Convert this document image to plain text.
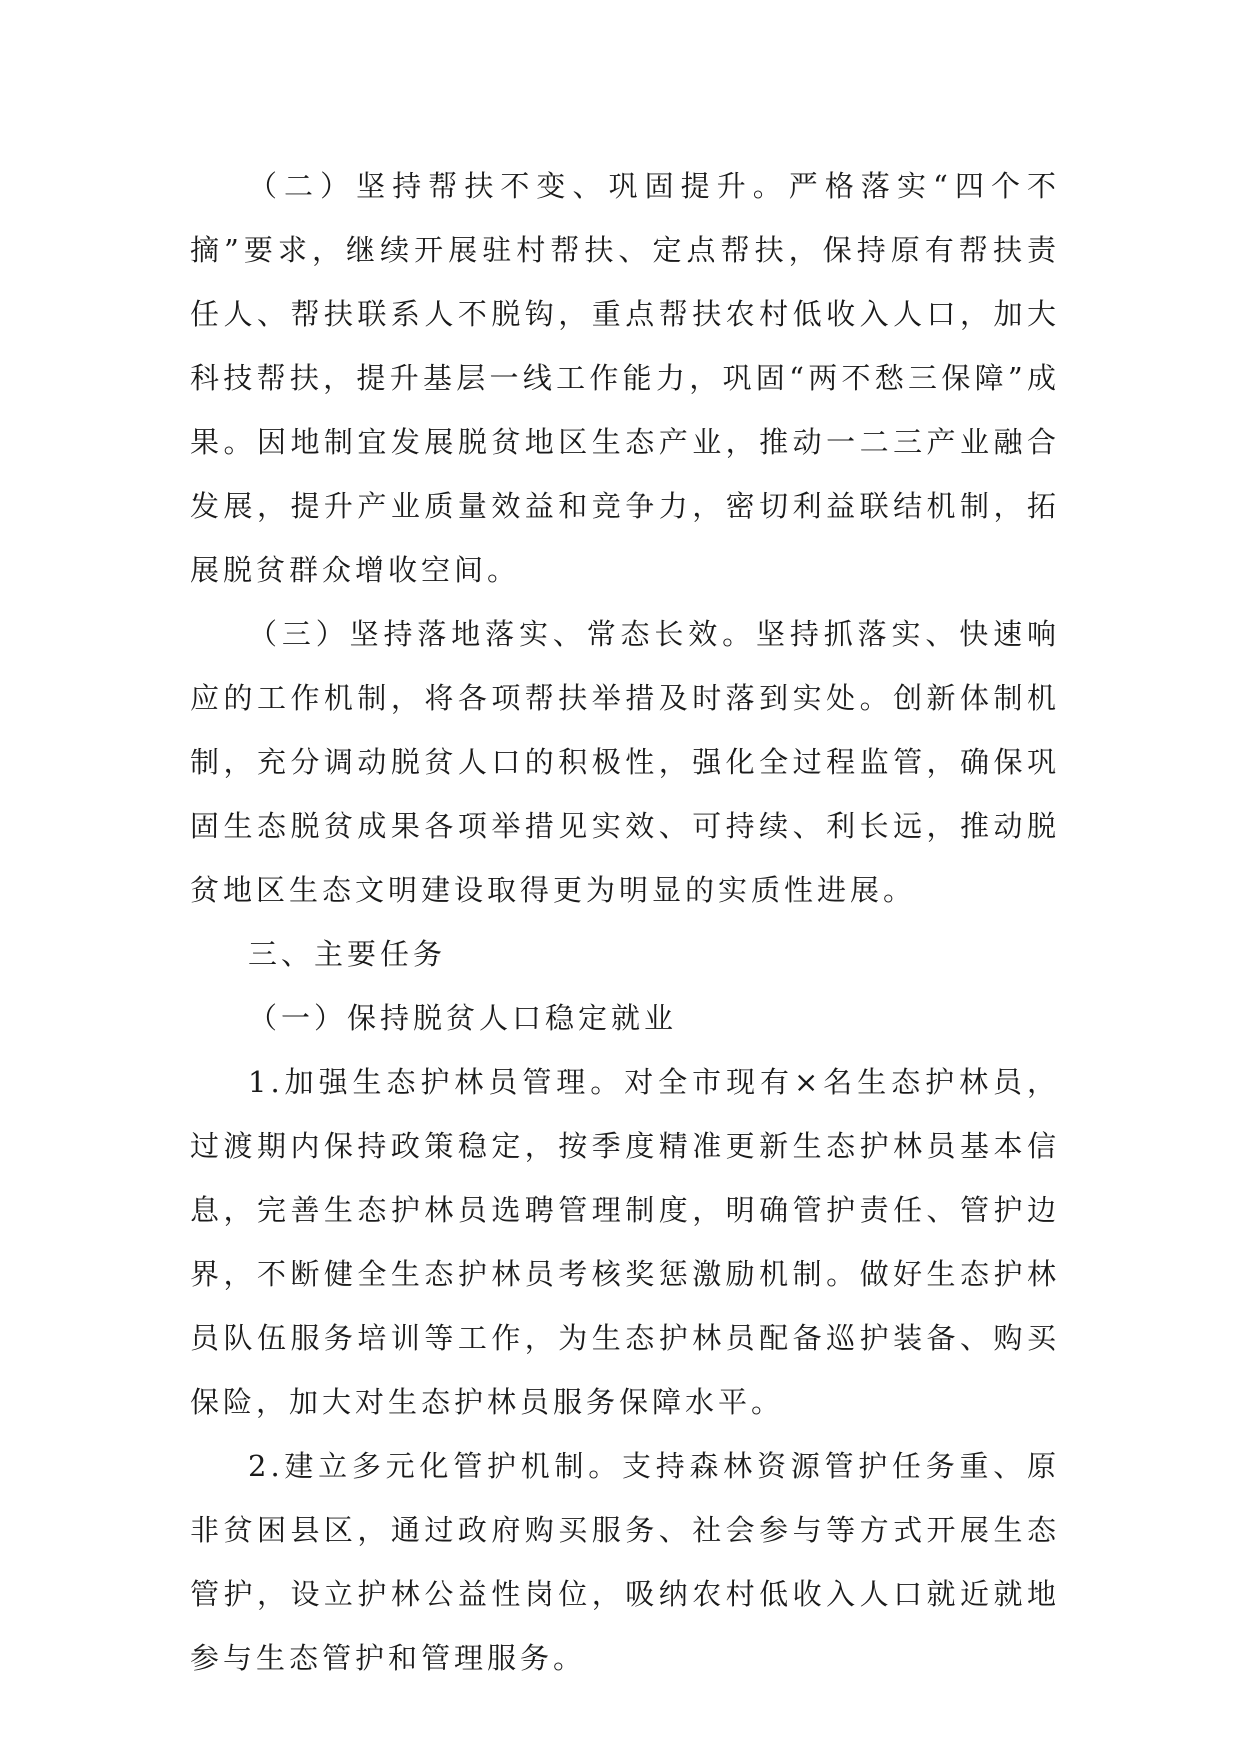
（二）坚持帮扶不变、巩固提升。严格落实“四个不摘”要求，继续开展驻村帮扶、定点帮扶，保持原有帮扶责任人、帮扶联系人不脱钩，重点帮扶农村低收入人口，加大科技帮扶，提升基层一线工作能力，巩固“两不愁三保障”成果。因地制宜发展脱贫地区生态产业，推动一二三产业融合发展，提升产业质量效益和竞争力，密切利益联结机制，拓展脱贫群众增收空间。

（三）坚持落地落实、常态长效。坚持抓落实、快速响应的工作机制，将各项帮扶举措及时落到实处。创新体制机制，充分调动脱贫人口的积极性，强化全过程监管，确保巩固生态脱贫成果各项举措见实效、可持续、利长远，推动脱贫地区生态文明建设取得更为明显的实质性进展。

三、主要任务

（一）保持脱贫人口稳定就业

1.加强生态护林员管理。对全市现有×名生态护林员，过渡期内保持政策稳定，按季度精准更新生态护林员基本信息，完善生态护林员选聘管理制度，明确管护责任、管护边界，不断健全生态护林员考核奖惩激励机制。做好生态护林员队伍服务培训等工作，为生态护林员配备巡护装备、购买保险，加大对生态护林员服务保障水平。

2.建立多元化管护机制。支持森林资源管护任务重、原非贫困县区，通过政府购买服务、社会参与等方式开展生态管护，设立护林公益性岗位，吸纳农村低收入人口就近就地参与生态管护和管理服务。
